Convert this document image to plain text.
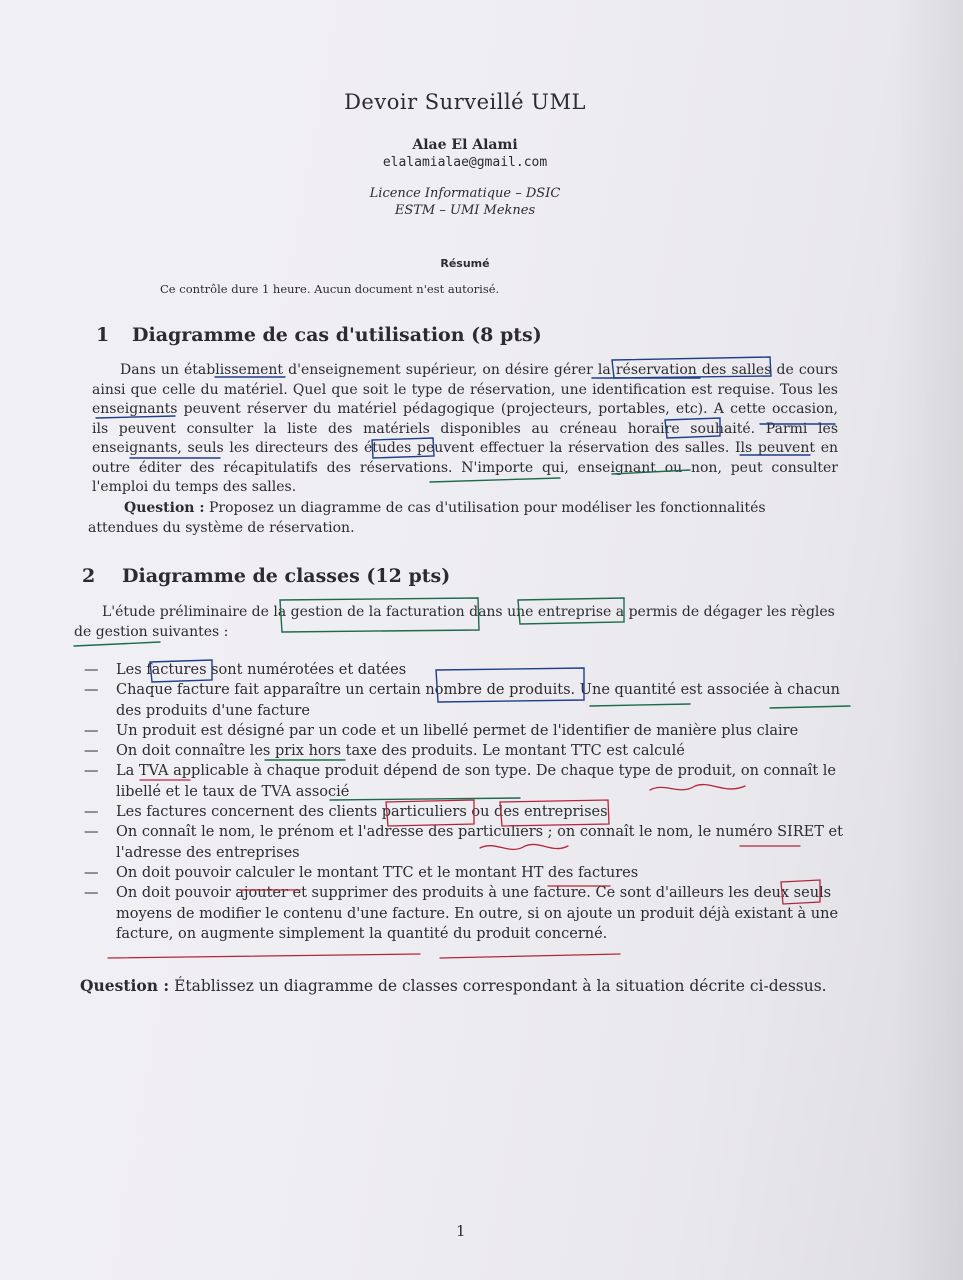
Devoir Surveillé UML
Alae El Alami
elalamialae@gmail.com
Licence Informatique – DSIC
ESTM – UMI Meknes
Résumé
Ce contrôle dure 1 heure. Aucun document n'est autorisé.
1 Diagramme de cas d'utilisation (8 pts)
Dans un établissement d'enseignement supérieur, on désire gérer la réservation des salles de cours ainsi que celle du matériel. Quel que soit le type de réservation, une identification est requise. Tous les enseignants peuvent réserver du matériel pédagogique (projecteurs, portables, etc). A cette occasion, ils peuvent consulter la liste des matériels disponibles au créneau horaire souhaité. Parmi les enseignants, seuls les directeurs des études peuvent effectuer la réservation des salles. Ils peuvent en outre éditer des récapitulatifs des réservations. N'importe qui, enseignant ou non, peut consulter l'emploi du temps des salles.
Question : Proposez un diagramme de cas d'utilisation pour modéliser les fonctionnalités attendues du système de réservation.
2 Diagramme de classes (12 pts)
L'étude préliminaire de la gestion de la facturation dans une entreprise a permis de dégager les règles de gestion suivantes :
—	Les factures sont numérotées et datées
—	Chaque facture fait apparaître un certain nombre de produits. Une quantité est associée à chacun des produits d'une facture
—	Un produit est désigné par un code et un libellé permet de l'identifier de manière plus claire
—	On doit connaître les prix hors taxe des produits. Le montant TTC est calculé
—	La TVA applicable à chaque produit dépend de son type. De chaque type de produit, on connaît le libellé et le taux de TVA associé
—	Les factures concernent des clients particuliers ou des entreprises
—	On connaît le nom, le prénom et l'adresse des particuliers ; on connaît le nom, le numéro SIRET et l'adresse des entreprises
—	On doit pouvoir calculer le montant TTC et le montant HT des factures
—	On doit pouvoir ajouter et supprimer des produits à une facture. Ce sont d'ailleurs les deux seuls moyens de modifier le contenu d'une facture. En outre, si on ajoute un produit déjà existant à une facture, on augmente simplement la quantité du produit concerné.
Question : Établissez un diagramme de classes correspondant à la situation décrite ci-dessus.
1
